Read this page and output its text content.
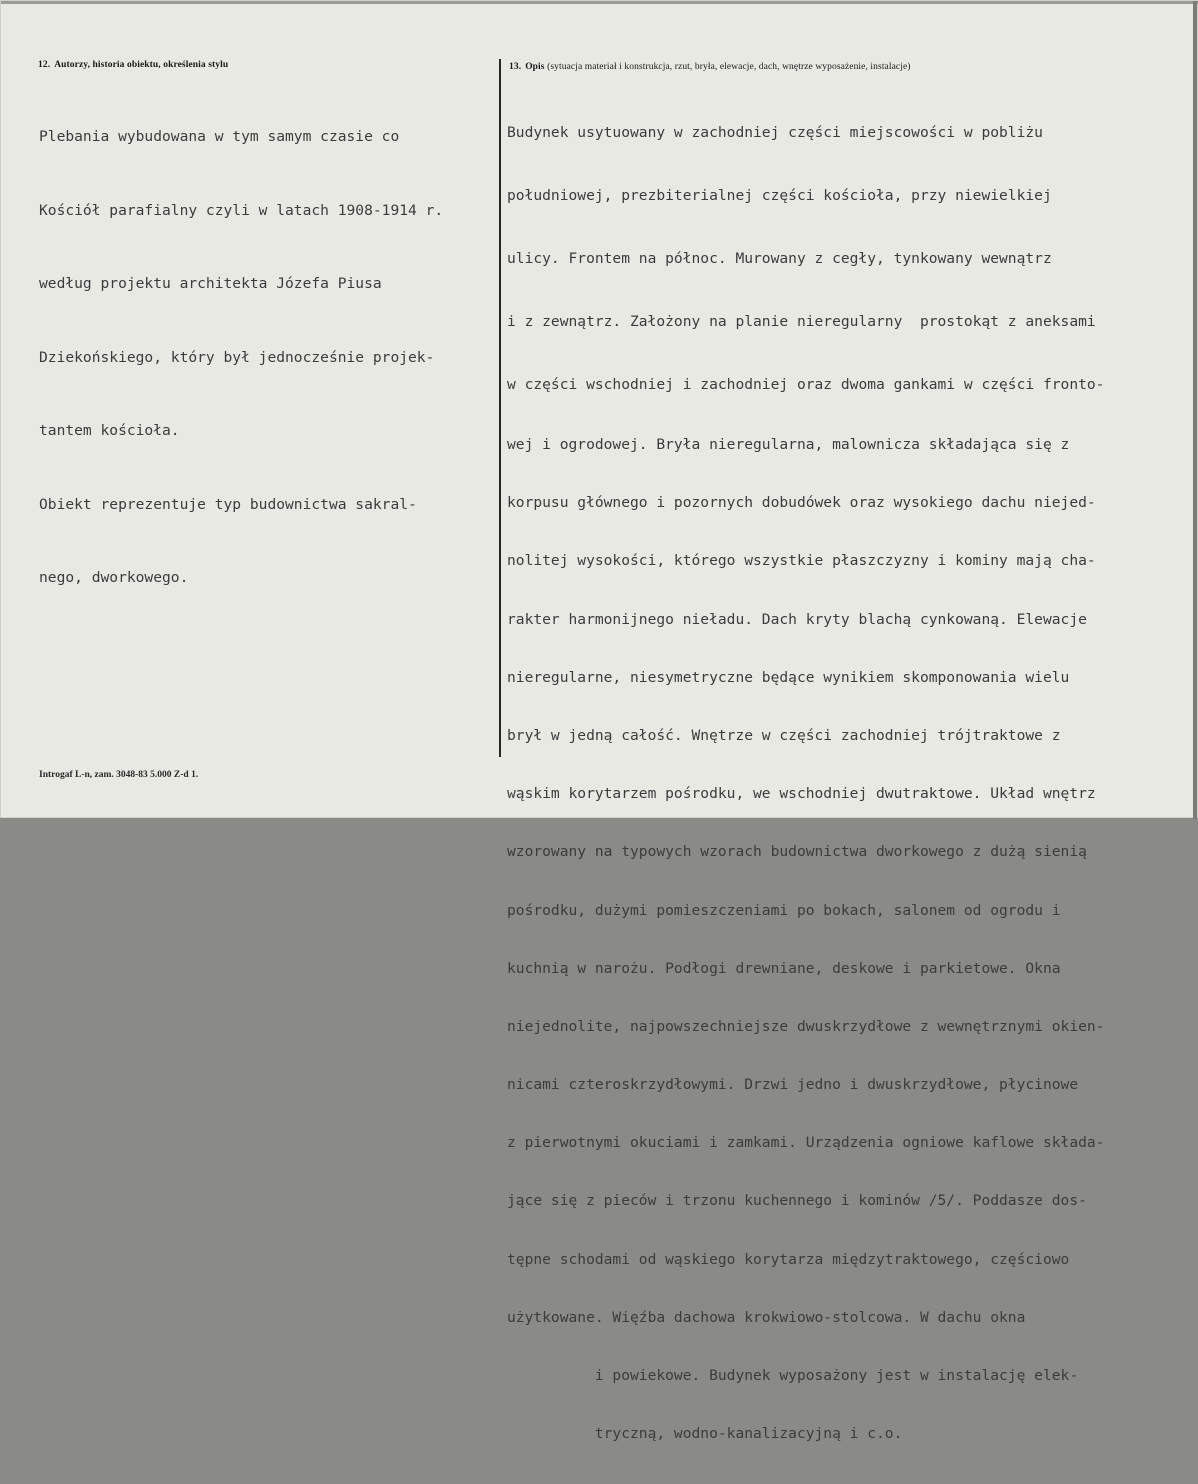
12. Autorzy, historia obiektu, określenia stylu	13. Opis (sytuacja materiał i konstrukcja, rzut, bryła, elewacje, dach, wnętrze wyposażenie, instalacje)

Plebania wybudowana w tym samym czasie co

Kościół parafialny czyli w latach 1908-1914 r.

według projektu architekta Józefa Piusa

Dziekońskiego, który był jednocześnie projek-

tantem kościoła.

Obiekt reprezentuje typ budownictwa sakral-

nego, dworkowego.

Budynek usytuowany w zachodniej części miejscowości w pobliżu

południowej, prezbiterialnej części kościoła, przy niewielkiej

ulicy. Frontem na północ. Murowany z cegły, tynkowany wewnątrz

i z zewnątrz. Założony na planie nieregularny  prostokąt z aneksami

w części wschodniej i zachodniej oraz dwoma gankami w części fronto-

wej i ogrodowej. Bryła nieregularna, malownicza składająca się z

korpusu głównego i pozornych dobudówek oraz wysokiego dachu niejed-

nolitej wysokości, którego wszystkie płaszczyzny i kominy mają cha-

rakter harmonijnego nieładu. Dach kryty blachą cynkowaną. Elewacje

nieregularne, niesymetryczne będące wynikiem skomponowania wielu

brył w jedną całość. Wnętrze w części zachodniej trójtraktowe z

wąskim korytarzem pośrodku, we wschodniej dwutraktowe. Układ wnętrz

wzorowany na typowych wzorach budownictwa dworkowego z dużą sienią

pośrodku, dużymi pomieszczeniami po bokach, salonem od ogrodu i

kuchnią w narożu. Podłogi drewniane, deskowe i parkietowe. Okna

niejednolite, najpowszechniejsze dwuskrzydłowe z wewnętrznymi okien-

nicami czteroskrzydłowymi. Drzwi jedno i dwuskrzydłowe, płycinowe

z pierwotnymi okuciami i zamkami. Urządzenia ogniowe kaflowe składa-

jące się z pieców i trzonu kuchennego i kominów /5/. Poddasze dos-

tępne schodami od wąskiego korytarza międzytraktowego, częściowo

użytkowane. Więźba dachowa krokwiowo-stolcowa. W dachu okna

i powiekowe. Budynek wyposażony jest w instalację elek-

tryczną, wodno-kanalizacyjną i c.o.

Introgaf L-n, zam. 3048-83 5.000 Z-d 1.
